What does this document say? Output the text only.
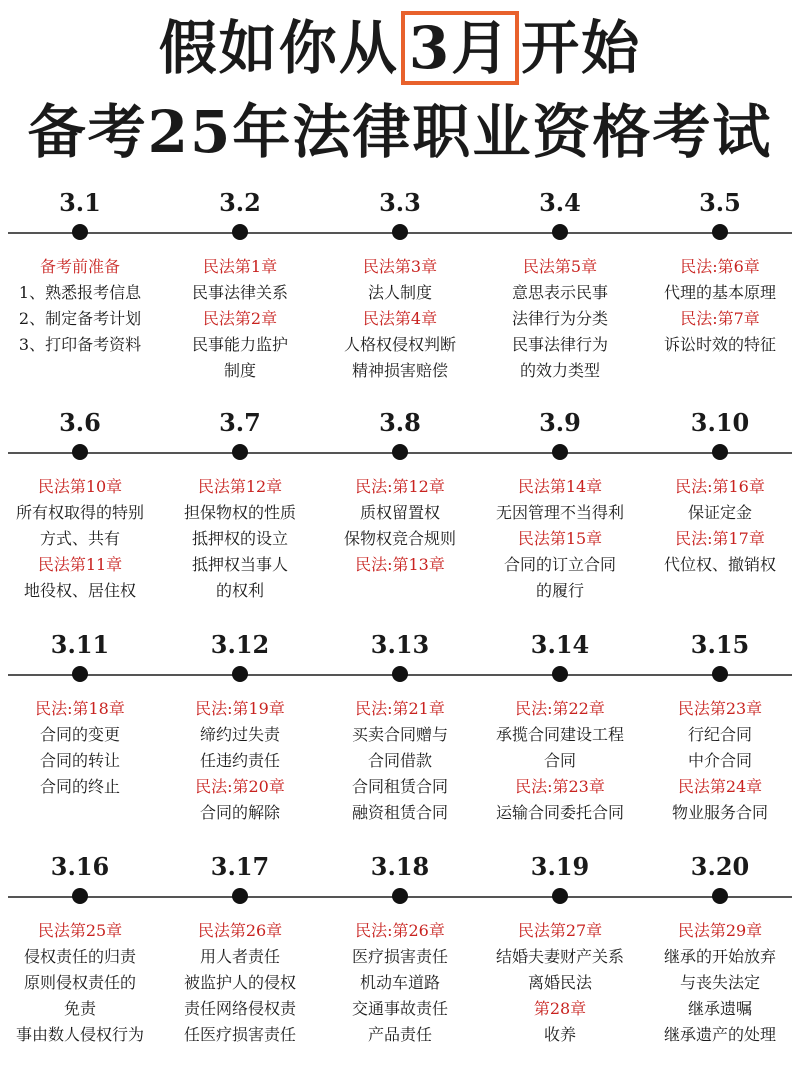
假如你从 3月 开始
备考25年法律职业资格考试
3.1
备考前准备
1、熟悉报考信息
2、制定备考计划
3、打印备考资料
3.2
民法第1章
民事法律关系
民法第2章
民事能力监护
制度
3.3
民法第3章
法人制度
民法第4章
人格权侵权判断
精神损害赔偿
3.4
民法第5章
意思表示民事
法律行为分类
民事法律行为
的效力类型
3.5
民法:第6章
代理的基本原理
民法:第7章
诉讼时效的特征
3.6
民法第10章
所有权取得的特别
方式、共有
民法第11章
地役权、居住权
3.7
民法第12章
担保物权的性质
抵押权的设立
抵押权当事人
的权利
3.8
民法:第12章
质权留置权
保物权竞合规则
民法:第13章
3.9
民法第14章
无因管理不当得利
民法第15章
合同的订立合同
的履行
3.10
民法:第16章
保证定金
民法:第17章
代位权、撤销权
3.11
民法:第18章
合同的变更
合同的转让
合同的终止
3.12
民法:第19章
缔约过失责
任违约责任
民法:第20章
合同的解除
3.13
民法:第21章
买卖合同赠与
合同借款
合同租赁合同
融资租赁合同
3.14
民法:第22章
承揽合同建设工程
合同
民法:第23章
运输合同委托合同
3.15
民法第23章
行纪合同
中介合同
民法第24章
物业服务合同
3.16
民法第25章
侵权责任的归责
原则侵权责任的
免责
事由数人侵权行为
3.17
民法第26章
用人者责任
被监护人的侵权
责任网络侵权责
任医疗损害责任
3.18
民法:第26章
医疗损害责任
机动车道路
交通事故责任
产品责任
3.19
民法第27章
结婚夫妻财产关系
离婚民法
第28章
收养
3.20
民法第29章
继承的开始放弃
与丧失法定
继承遗嘱
继承遗产的处理
